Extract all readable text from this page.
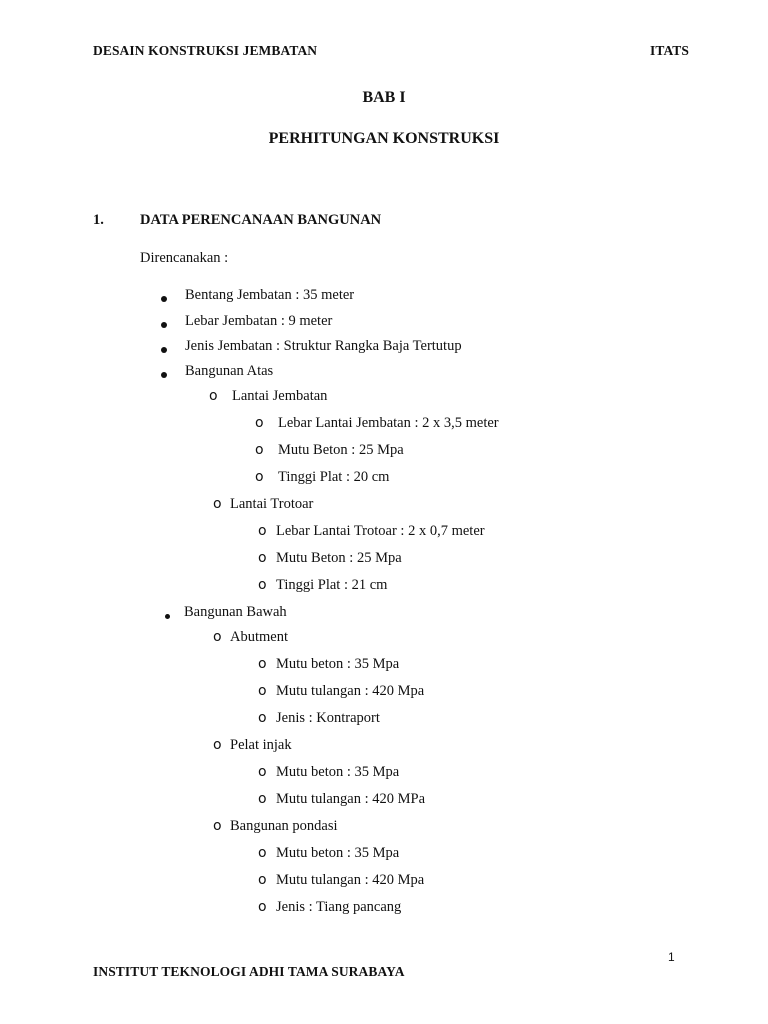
DESAIN KONSTRUKSI JEMBATAN	ITATS
BAB I
PERHITUNGAN KONSTRUKSI
1. DATA PERENCANAAN BANGUNAN
Direncanakan :
Bentang Jembatan : 35 meter
Lebar Jembatan : 9 meter
Jenis Jembatan : Struktur Rangka Baja Tertutup
Bangunan Atas
o Lantai Jembatan
o Lebar Lantai Jembatan : 2 x 3,5 meter
o Mutu Beton : 25 Mpa
o Tinggi Plat : 20 cm
o Lantai Trotoar
o Lebar Lantai Trotoar : 2 x 0,7 meter
o Mutu Beton : 25 Mpa
o Tinggi Plat : 21 cm
Bangunan Bawah
o Abutment
o Mutu beton : 35 Mpa
o Mutu tulangan : 420 Mpa
o Jenis : Kontraport
o Pelat injak
o Mutu beton : 35 Mpa
o Mutu tulangan : 420 MPa
o Bangunan pondasi
o Mutu beton : 35 Mpa
o Mutu tulangan : 420 Mpa
o Jenis : Tiang pancang
1
INSTITUT TEKNOLOGI ADHI TAMA SURABAYA
